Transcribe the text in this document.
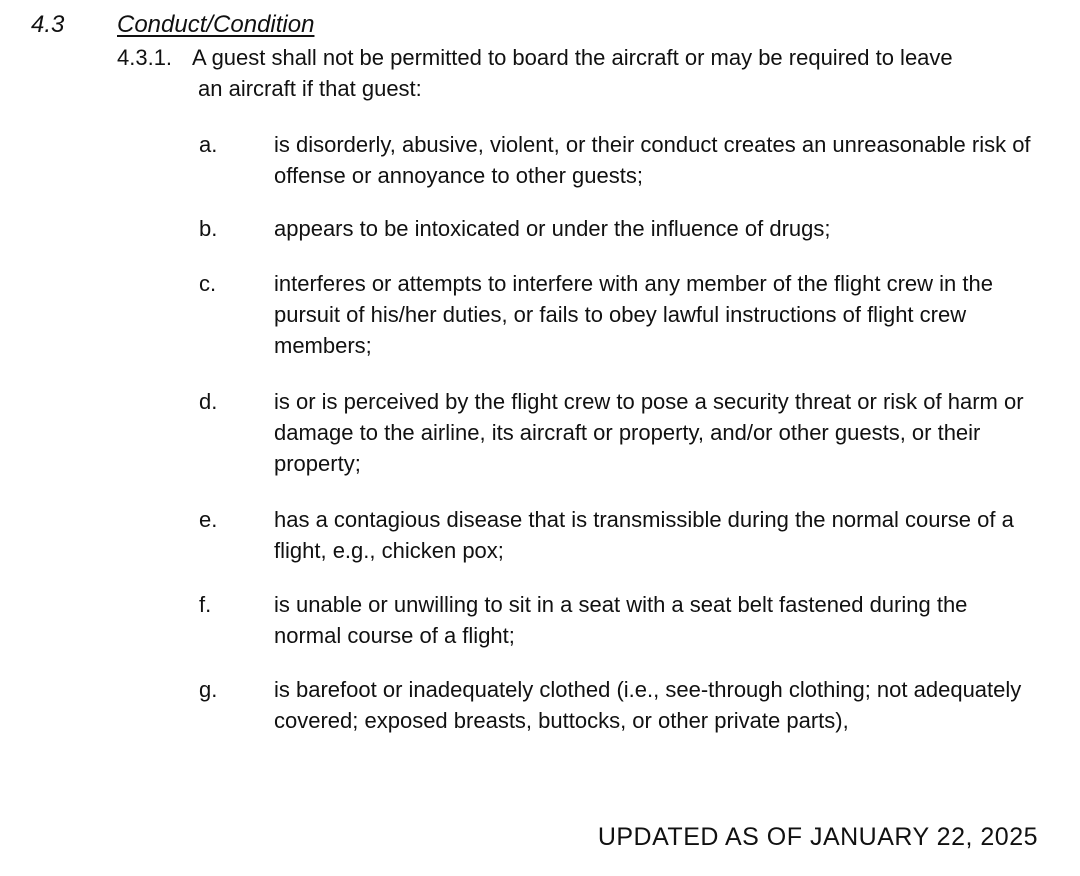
4.3 Conduct/Condition
4.3.1. A guest shall not be permitted to board the aircraft or may be required to leave
an aircraft if that guest:
a.	is disorderly, abusive, violent, or their conduct creates an unreasonable risk of offense or annoyance to other guests;
b.	appears to be intoxicated or under the influence of drugs;
c.	interferes or attempts to interfere with any member of the flight crew in the pursuit of his/her duties, or fails to obey lawful instructions of flight crew members;
d.	is or is perceived by the flight crew to pose a security threat or risk of harm or damage to the airline, its aircraft or property, and/or other guests, or their property;
e.	has a contagious disease that is transmissible during the normal course of a flight, e.g., chicken pox;
f.	is unable or unwilling to sit in a seat with a seat belt fastened during the normal course of a flight;
g.	is barefoot or inadequately clothed (i.e., see-through clothing; not adequately covered; exposed breasts, buttocks, or other private parts),
UPDATED AS OF JANUARY 22, 2025
